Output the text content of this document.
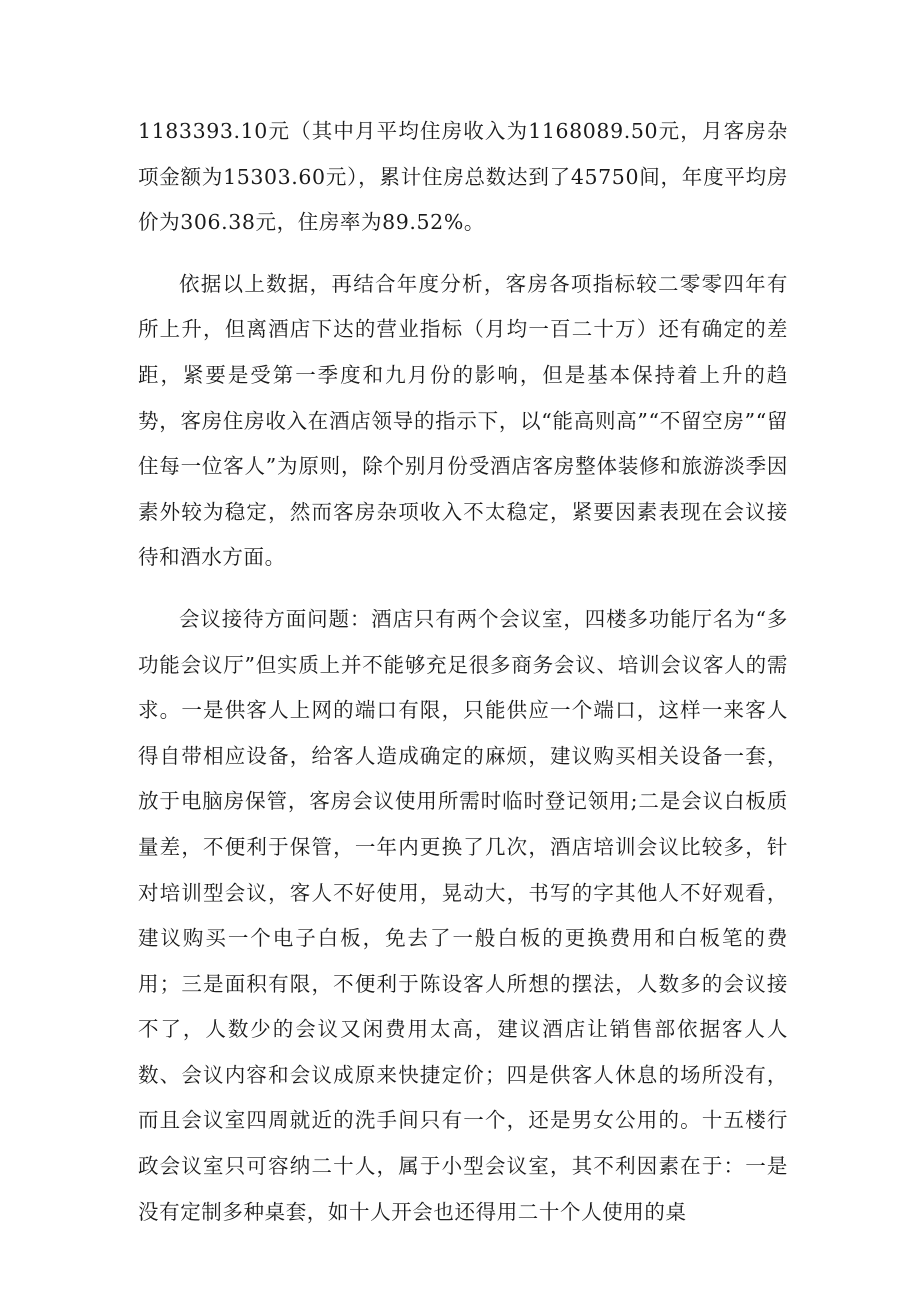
1183393.10元（其中月平均住房收入为1168089.50元，月客房杂项金额为15303.60元），累计住房总数达到了45750间，年度平均房价为306.38元，住房率为89.52%。

依据以上数据，再结合年度分析，客房各项指标较二零零四年有所上升，但离酒店下达的营业指标（月均一百二十万）还有确定的差距，紧要是受第一季度和九月份的影响，但是基本保持着上升的趋势，客房住房收入在酒店领导的指示下，以“能高则高”“不留空房”“留住每一位客人”为原则，除个别月份受酒店客房整体装修和旅游淡季因素外较为稳定，然而客房杂项收入不太稳定，紧要因素表现在会议接待和酒水方面。

会议接待方面问题：酒店只有两个会议室，四楼多功能厅名为“多功能会议厅”但实质上并不能够充足很多商务会议、培训会议客人的需求。一是供客人上网的端口有限，只能供应一个端口，这样一来客人得自带相应设备，给客人造成确定的麻烦，建议购买相关设备一套，放于电脑房保管，客房会议使用所需时临时登记领用;二是会议白板质量差，不便利于保管，一年内更换了几次，酒店培训会议比较多，针对培训型会议，客人不好使用，晃动大，书写的字其他人不好观看，建议购买一个电子白板，免去了一般白板的更换费用和白板笔的费用；三是面积有限，不便利于陈设客人所想的摆法，人数多的会议接不了，人数少的会议又闲费用太高，建议酒店让销售部依据客人人数、会议内容和会议成原来快捷定价；四是供客人休息的场所没有，而且会议室四周就近的洗手间只有一个，还是男女公用的。十五楼行政会议室只可容纳二十人，属于小型会议室，其不利因素在于：一是没有定制多种桌套，如十人开会也还得用二十个人使用的桌
